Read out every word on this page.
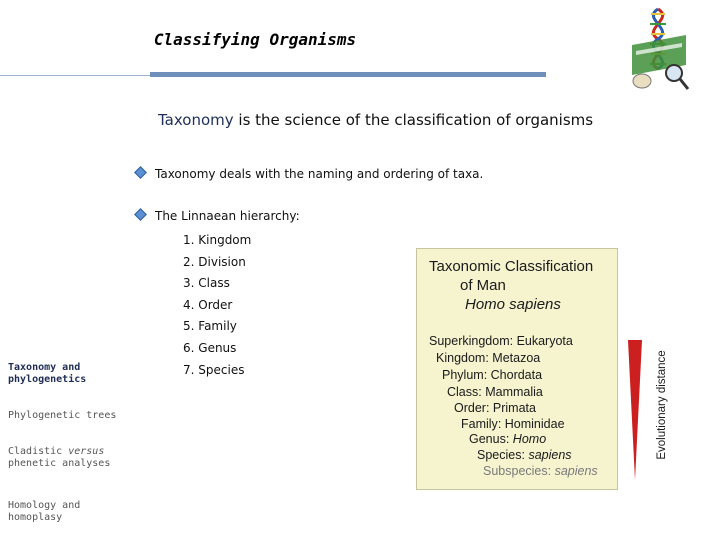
Classifying Organisms
Taxonomy is the science of the classification of organisms
Taxonomy deals with the naming and ordering of taxa.
The Linnaean hierarchy:
1. Kingdom
2. Division
3. Class
4. Order
5. Family
6. Genus
7. Species
Taxonomy and phylogenetics
Phylogenetic trees
Cladistic versus phenetic analyses
Homology and homoplasy
Taxonomic Classification
of Man
Homo sapiens
Superkingdom: Eukaryota
Kingdom: Metazoa
Phylum: Chordata
Class: Mammalia
Order: Primata
Family: Hominidae
Genus: Homo
Species: sapiens
Subspecies: sapiens
Evolutionary distance
